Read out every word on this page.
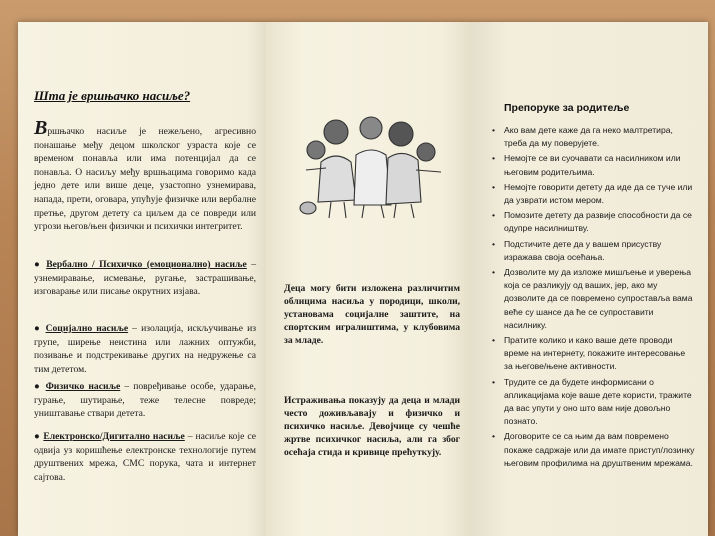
Шта је вршњачко насиље?
Вршњачко насиље је нежељено, агресивно понашање међу децом школског узраста које се временом понавља или има потенцијал да се понавља. О насиљу међу вршњацима говоримо када једно дете или више деце, узастопно узнемирава, напада, прети, оговара, упућује физичке или вербалне претње, другом детету са циљем да се повреди или угрози његов/њен физички и психички интегритет.
● Вербално / Психичко (емоционално) насиље – узнемиравање, исмевање, ругање, застрашивање, изговарање или писање окрутних изјава.
● Социјално насиље – изолација, искључивање из групе, ширење неистина или лажних оптужби, позивање и подстрекивање других на недружење са тим дететом.
● Физичко насиље – повређивање особе, ударање, гурање, шутирање, теже телесне повреде; уништавање ствари детета.
● Електронско/Дигитално насиље – насиље које се одвија уз коришћење електронске технологије путем друштвених мрежа, СМС порука, чата и интернет сајтова.
Деца могу бити изложена различитим облицима насиља у породици, школи, установама социјалне заштите, на спортским игралиштима, у клубовима за младе.
Истраживања показују да деца и млади често доживљавају и физичко и психичко насиље. Девојчице су чешће жртве психичког насиља, али га због осећаја стида и кривице прећуткују.
Препоруке за родитеље
• Ако вам дете каже да га неко малтретира, треба да му поверујете.
• Немојте се ви суочавати са насилником или његовим родитељима.
• Немојте говорити детету да иде да се туче или да узврати истом мером.
• Помозите детету да развије способности да се одупре насилништву.
• Подстичите дете да у вашем присуству изражава своја осећања.
• Дозволите му да изложе мишљење и уверења која се разликују од ваших, јер, ако му дозволите да се повремено супроставља вама веће су шансе да ће се супроставити насилнику.
• Пратите колико и како ваше дете проводи време на интернету, покажите интересовање за његове/њене активности.
• Трудите се да будете информисани о апликацијама које ваше дете користи, тражите да вас упути у оно што вам није довољно познато.
• Договорите се са њим да вам повремено покаже садржаје или да имате приступ/лозинку његовим профилима на друштвеним мрежама.
